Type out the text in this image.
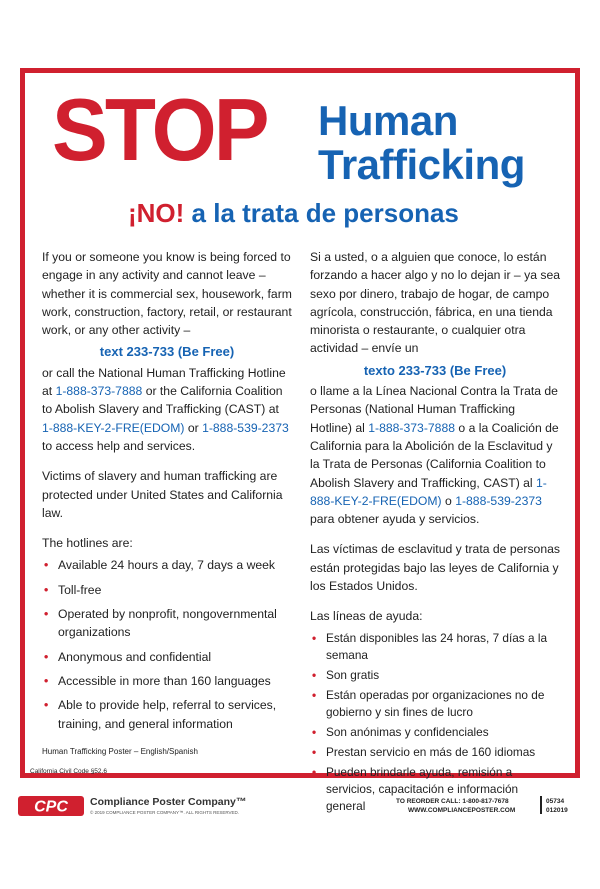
STOP Human
Trafficking
¡NO! a la trata de personas

If you or someone you know is being forced to engage in any activity and cannot leave – whether it is commercial sex, housework, farm work, construction, factory, retail, or restaurant work, or any other activity –

text 233-733 (Be Free)

or call the National Human Trafficking Hotline at 1-888-373-7888 or the California Coalition to Abolish Slavery and Trafficking (CAST) at 1-888-KEY-2-FRE(EDOM) or 1-888-539-2373 to access help and services.

Victims of slavery and human trafficking are protected under United States and California law.

The hotlines are:

• Available 24 hours a day, 7 days a week
• Toll-free
• Operated by nonprofit, nongovernmental organizations
• Anonymous and confidential
• Accessible in more than 160 languages
• Able to provide help, referral to services, training, and general information

Si a usted, o a alguien que conoce, lo están forzando a hacer algo y no lo dejan ir – ya sea sexo por dinero, trabajo de hogar, de campo agrícola, construcción, fábrica, en una tienda minorista o restaurante, o cualquier otra actividad – envíe un

texto 233-733 (Be Free)

o llame a la Línea Nacional Contra la Trata de Personas (National Human Trafficking Hotline) al 1-888-373-7888 o a la Coalición de California para la Abolición de la Esclavitud y la Trata de Personas (California Coalition to Abolish Slavery and Trafficking, CAST) al 1-888-KEY-2-FRE(EDOM) o 1-888-539-2373 para obtener ayuda y servicios.

Las víctimas de esclavitud y trata de personas están protegidas bajo las leyes de California y los Estados Unidos.

Las líneas de ayuda:

• Están disponibles las 24 horas, 7 días a la semana
• Son gratis
• Están operadas por organizaciones no de gobierno y sin fines de lucro
• Son anónimas y confidenciales
• Prestan servicio en más de 160 idiomas
• Pueden brindarle ayuda, remisión a servicios, capacitación e información general
Human Trafficking Poster – English/Spanish
California Civil Code §52.6
CPC Compliance Poster Company™
© 2019 COMPLIANCE POSTER COMPANY™. ALL RIGHTS RESERVED.
TO REORDER CALL: 1-800-817-7678
WWW.COMPLIANCEPOSTER.COM
05734
012019
